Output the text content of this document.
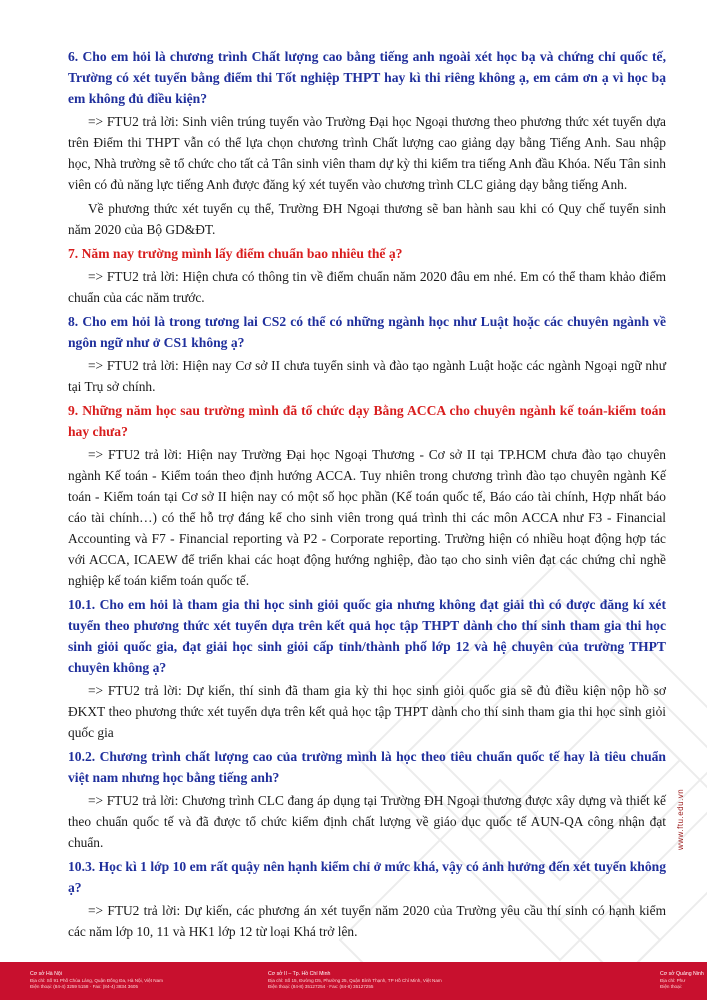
6. Cho em hỏi là chương trình Chất lượng cao bằng tiếng anh ngoài xét học bạ và chứng chỉ quốc tế, Trường có xét tuyển bằng điểm thi Tốt nghiệp THPT hay kì thi riêng không ạ, em cảm ơn ạ vì học bạ em không đủ điều kiện?

=> FTU2 trả lời: Sinh viên trúng tuyển vào Trường Đại học Ngoại thương theo phương thức xét tuyển dựa trên Điểm thi THPT vẫn có thể lựa chọn chương trình Chất lượng cao giảng dạy bằng Tiếng Anh. Sau nhập học, Nhà trường sẽ tổ chức cho tất cả Tân sinh viên tham dự kỳ thi kiểm tra tiếng Anh đầu Khóa. Nếu Tân sinh viên có đủ năng lực tiếng Anh được đăng ký xét tuyển vào chương trình CLC giảng dạy bằng tiếng Anh.

Về phương thức xét tuyển cụ thể, Trường ĐH Ngoại thương sẽ ban hành sau khi có Quy chế tuyển sinh năm 2020 của Bộ GD&ĐT.

7. Năm nay trường mình lấy điểm chuẩn bao nhiêu thế ạ?

=> FTU2 trả lời: Hiện chưa có thông tin về điểm chuẩn năm 2020 đâu em nhé. Em có thể tham khảo điểm chuẩn của các năm trước.

8. Cho em hỏi là trong tương lai CS2 có thể có những ngành học như Luật hoặc các chuyên ngành về ngôn ngữ như ở CS1 không ạ?

=> FTU2 trả lời: Hiện nay Cơ sở II chưa tuyển sinh và đào tạo ngành Luật hoặc các ngành Ngoại ngữ như tại Trụ sở chính.

9. Những năm học sau trường mình đã tổ chức dạy Bằng ACCA cho chuyên ngành kế toán-kiểm toán hay chưa?

=> FTU2 trả lời: Hiện nay Trường Đại học Ngoại Thương - Cơ sở II tại TP.HCM chưa đào tạo chuyên ngành Kế toán - Kiểm toán theo định hướng ACCA. Tuy nhiên trong chương trình đào tạo chuyên ngành Kế toán - Kiểm toán tại Cơ sở II hiện nay có một số học phần (Kế toán quốc tế, Báo cáo tài chính, Hợp nhất báo cáo tài chính…) có thể hỗ trợ đáng kể cho sinh viên trong quá trình thi các môn ACCA như F3 - Financial Accounting và F7 - Financial reporting và P2 - Corporate reporting. Trường hiện có nhiều hoạt động hợp tác với ACCA, ICAEW để triển khai các hoạt động hướng nghiệp, đào tạo cho sinh viên đạt các chứng chỉ nghề nghiệp kế toán kiểm toán quốc tế.

10.1. Cho em hỏi là tham gia thi học sinh giỏi quốc gia nhưng không đạt giải thì có được đăng kí xét tuyển theo phương thức xét tuyển dựa trên kết quả học tập THPT dành cho thí sinh tham gia thi học sinh giỏi quốc gia, đạt giải học sinh giỏi cấp tỉnh/thành phố lớp 12 và hệ chuyên của trường THPT chuyên không ạ?

=> FTU2 trả lời: Dự kiến, thí sinh đã tham gia kỳ thi học sinh giỏi quốc gia sẽ đủ điều kiện nộp hồ sơ ĐKXT theo phương thức xét tuyển dựa trên kết quả học tập THPT dành cho thí sinh tham gia thi học sinh giỏi quốc gia

10.2. Chương trình chất lượng cao của trường mình là học theo tiêu chuẩn quốc tế hay là tiêu chuẩn việt nam nhưng học bằng tiếng anh?

=> FTU2 trả lời: Chương trình CLC đang áp dụng tại Trường ĐH Ngoại thương được xây dựng và thiết kế theo chuẩn quốc tế và đã được tổ chức kiểm định chất lượng về giáo dục quốc tế AUN-QA công nhận đạt chuẩn.

10.3. Học kì 1 lớp 10 em rất quậy nên hạnh kiểm chỉ ở mức khá, vậy có ảnh hưởng đến xét tuyển không ạ?

=> FTU2 trả lời: Dự kiến, các phương án xét tuyển năm 2020 của Trường yêu cầu thí sinh có hạnh kiểm các năm lớp 10, 11 và HK1 lớp 12 từ loại Khá trở lên.

www.ftu.edu.vn
Cơ sở Hà Nội
Địa chỉ: Số 91 Phố Chùa Láng, Quận Đống Đa, Hà Nội, Việt Nam
Điện thoại: (84-4) 3259 5158 · Fax: (84-4) 3834 3605
Cơ sở II – Tp. Hồ Chí Minh
Địa chỉ: Số 15, Đường D5, Phường 25, Quận Bình Thạnh, TP Hồ Chí Minh, Việt Nam
Điện thoại: (84-8) 35127254 · Fax: (84-8) 35127255
Cơ sở Quảng Ninh
Địa chỉ: Phư
Điện thoại:
